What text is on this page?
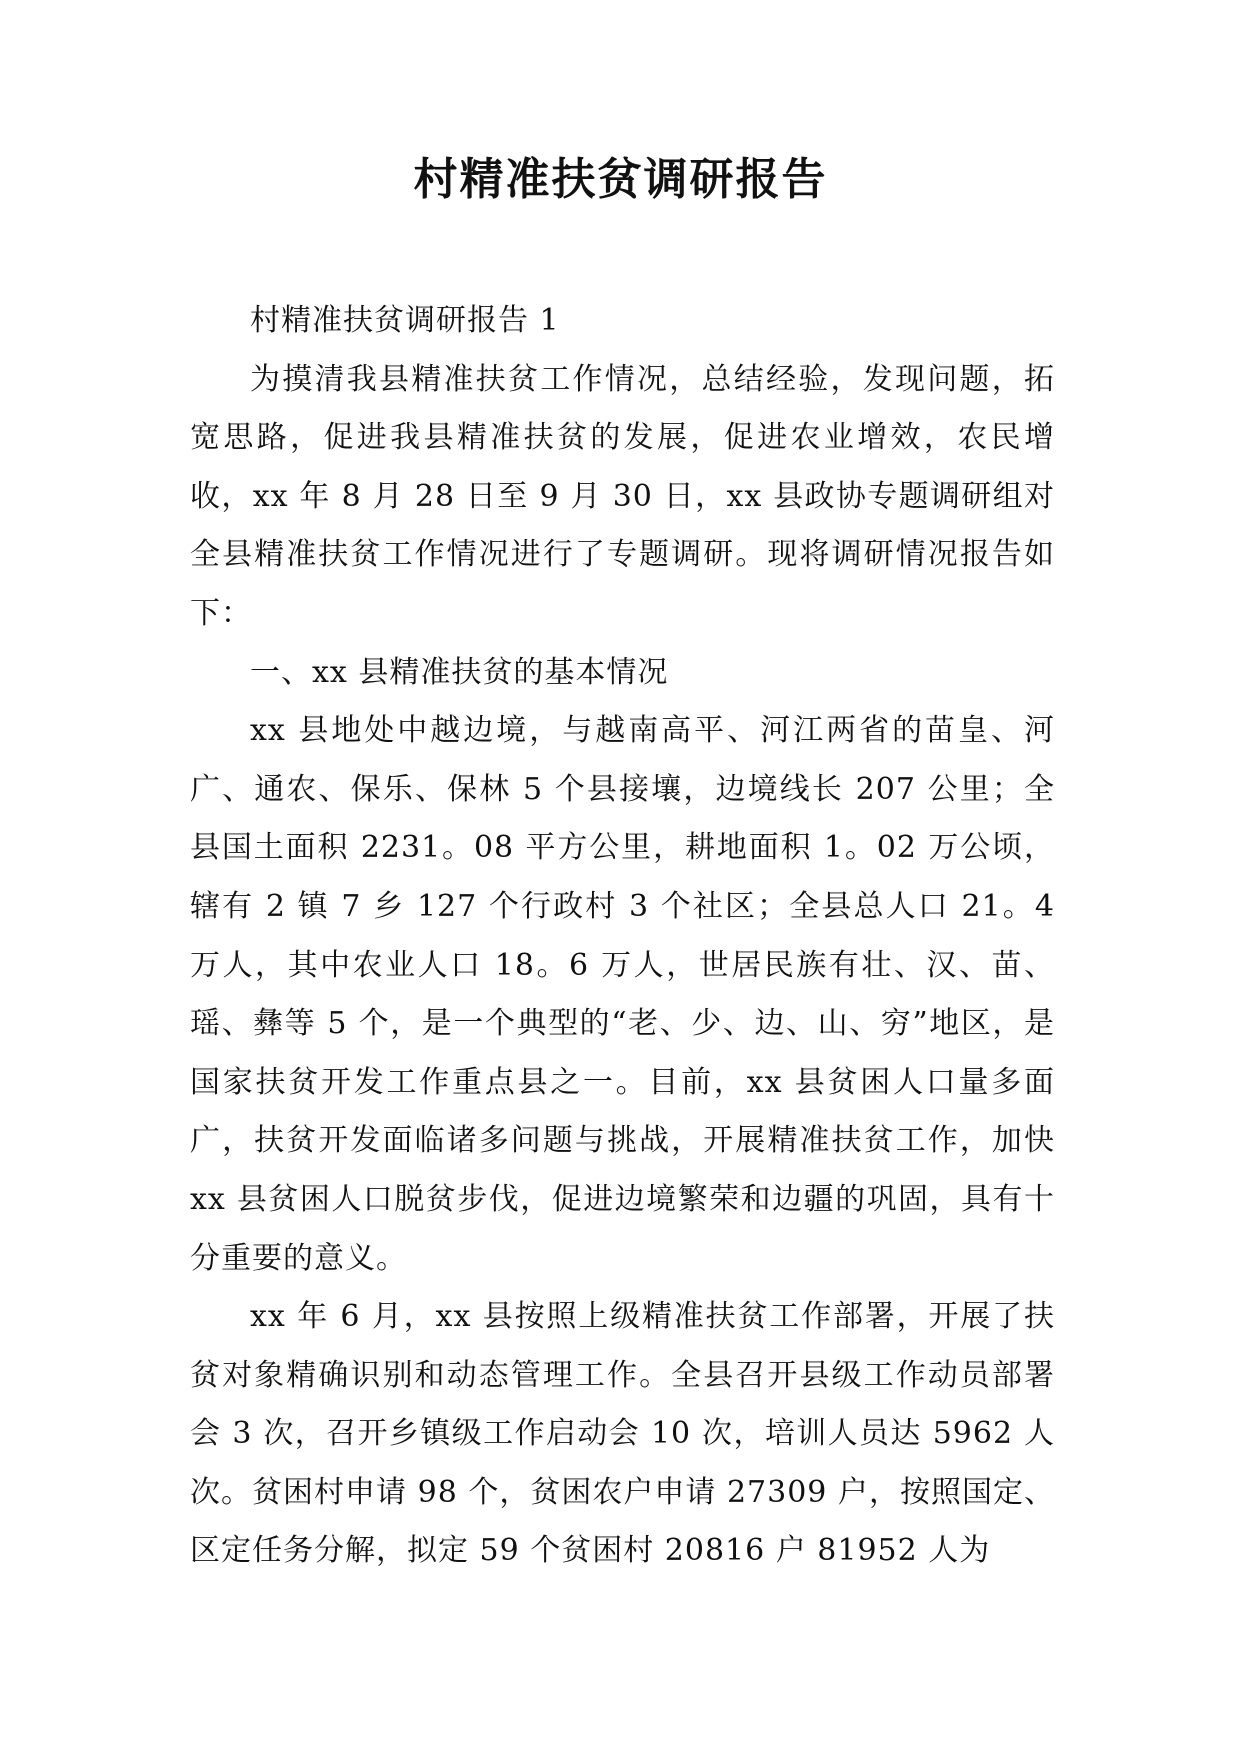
村精准扶贫调研报告

村精准扶贫调研报告 1

为摸清我县精准扶贫工作情况，总结经验，发现问题，拓宽思路，促进我县精准扶贫的发展，促进农业增效，农民增收，xx 年 8 月 28 日至 9 月 30 日，xx 县政协专题调研组对全县精准扶贫工作情况进行了专题调研。现将调研情况报告如下：

一、xx 县精准扶贫的基本情况

xx 县地处中越边境，与越南高平、河江两省的苗皇、河广、通农、保乐、保林 5 个县接壤，边境线长 207 公里；全县国土面积 2231。08 平方公里，耕地面积 1。02 万公顷，辖有 2 镇 7 乡 127 个行政村 3 个社区；全县总人口 21。4 万人，其中农业人口 18。6 万人，世居民族有壮、汉、苗、瑶、彝等 5 个，是一个典型的“老、少、边、山、穷”地区，是国家扶贫开发工作重点县之一。目前，xx 县贫困人口量多面广，扶贫开发面临诸多问题与挑战，开展精准扶贫工作，加快 xx 县贫困人口脱贫步伐，促进边境繁荣和边疆的巩固，具有十分重要的意义。

xx 年 6 月，xx 县按照上级精准扶贫工作部署，开展了扶贫对象精确识别和动态管理工作。全县召开县级工作动员部署会 3 次，召开乡镇级工作启动会 10 次，培训人员达 5962 人次。贫困村申请 98 个，贫困农户申请 27309 户，按照国定、区定任务分解，拟定 59 个贫困村 20816 户 81952 人为
